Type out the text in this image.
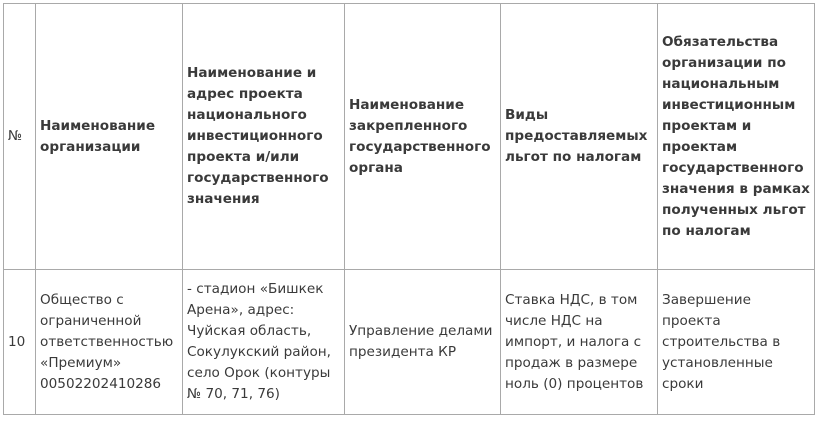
№	Наименование организации	Наименование и адрес проекта национального инвестиционного проекта и/или государственного значения	Наименование закрепленного государственного органа	Виды предоставляемых льгот по налогам	Обязательства организации по национальным инвестиционным проектам и проектам государственного значения в рамках полученных льгот по налогам
10	Общество с ограниченной ответственностью «Премиум» 00502202410286	- стадион «Бишкек Арена», адрес: Чуйская область, Сокулукский район, село Орок (контуры № 70, 71, 76)	Управление делами президента КР	Ставка НДС, в том числе НДС на импорт, и налога с продаж в размере ноль (0) процентов	Завершение проекта строительства в установленные сроки
